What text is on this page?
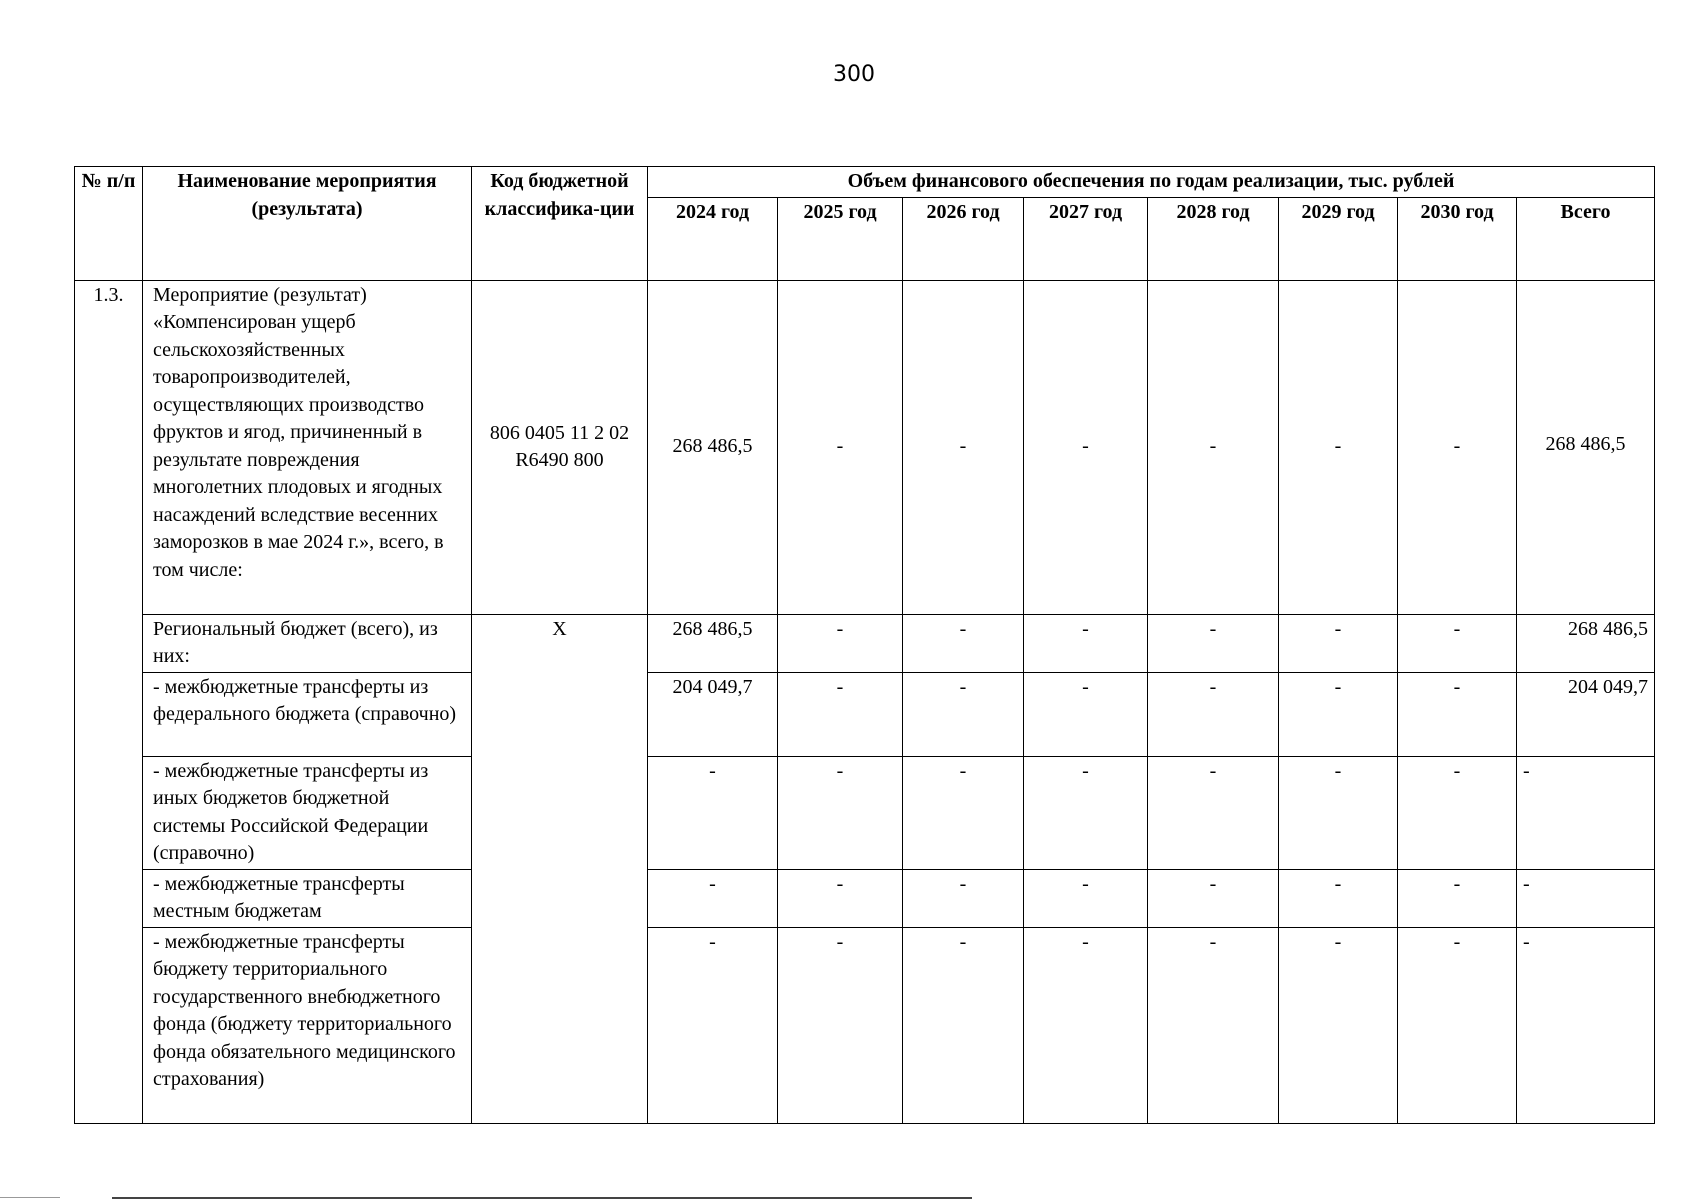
300
№ п/п	Наименование мероприятия (результата)	Код бюджетной классифика-ции	Объем финансового обеспечения по годам реализации, тыс. рублей							
			2024 год	2025 год	2026 год	2027 год	2028 год	2029 год	2030 год	Всего
1.3.	Мероприятие (результат) «Компенсирован ущерб сельскохозяйственных товаропроизводителей, осуществляющих производство фруктов и ягод, причиненный в результате повреждения многолетних плодовых и ягодных насаждений вследствие весенних заморозков в мае 2024 г.», всего, в том числе:	806 0405 11 2 02 R6490 800	268 486,5	-	-	-	-	-	-	268 486,5
	Региональный бюджет (всего), из них:	X	268 486,5	-	-	-	-	-	-	268 486,5
	- межбюджетные трансферты из федерального бюджета (справочно)		204 049,7	-	-	-	-	-	-	204 049,7
	- межбюджетные трансферты из иных бюджетов бюджетной системы Российской Федерации (справочно)		-	-	-	-	-	-	-	-
	- межбюджетные трансферты местным бюджетам		-	-	-	-	-	-	-	-
	- межбюджетные трансферты бюджету территориального государственного внебюджетного фонда (бюджету территориального фонда обязательного медицинского страхования)		-	-	-	-	-	-	-	-
